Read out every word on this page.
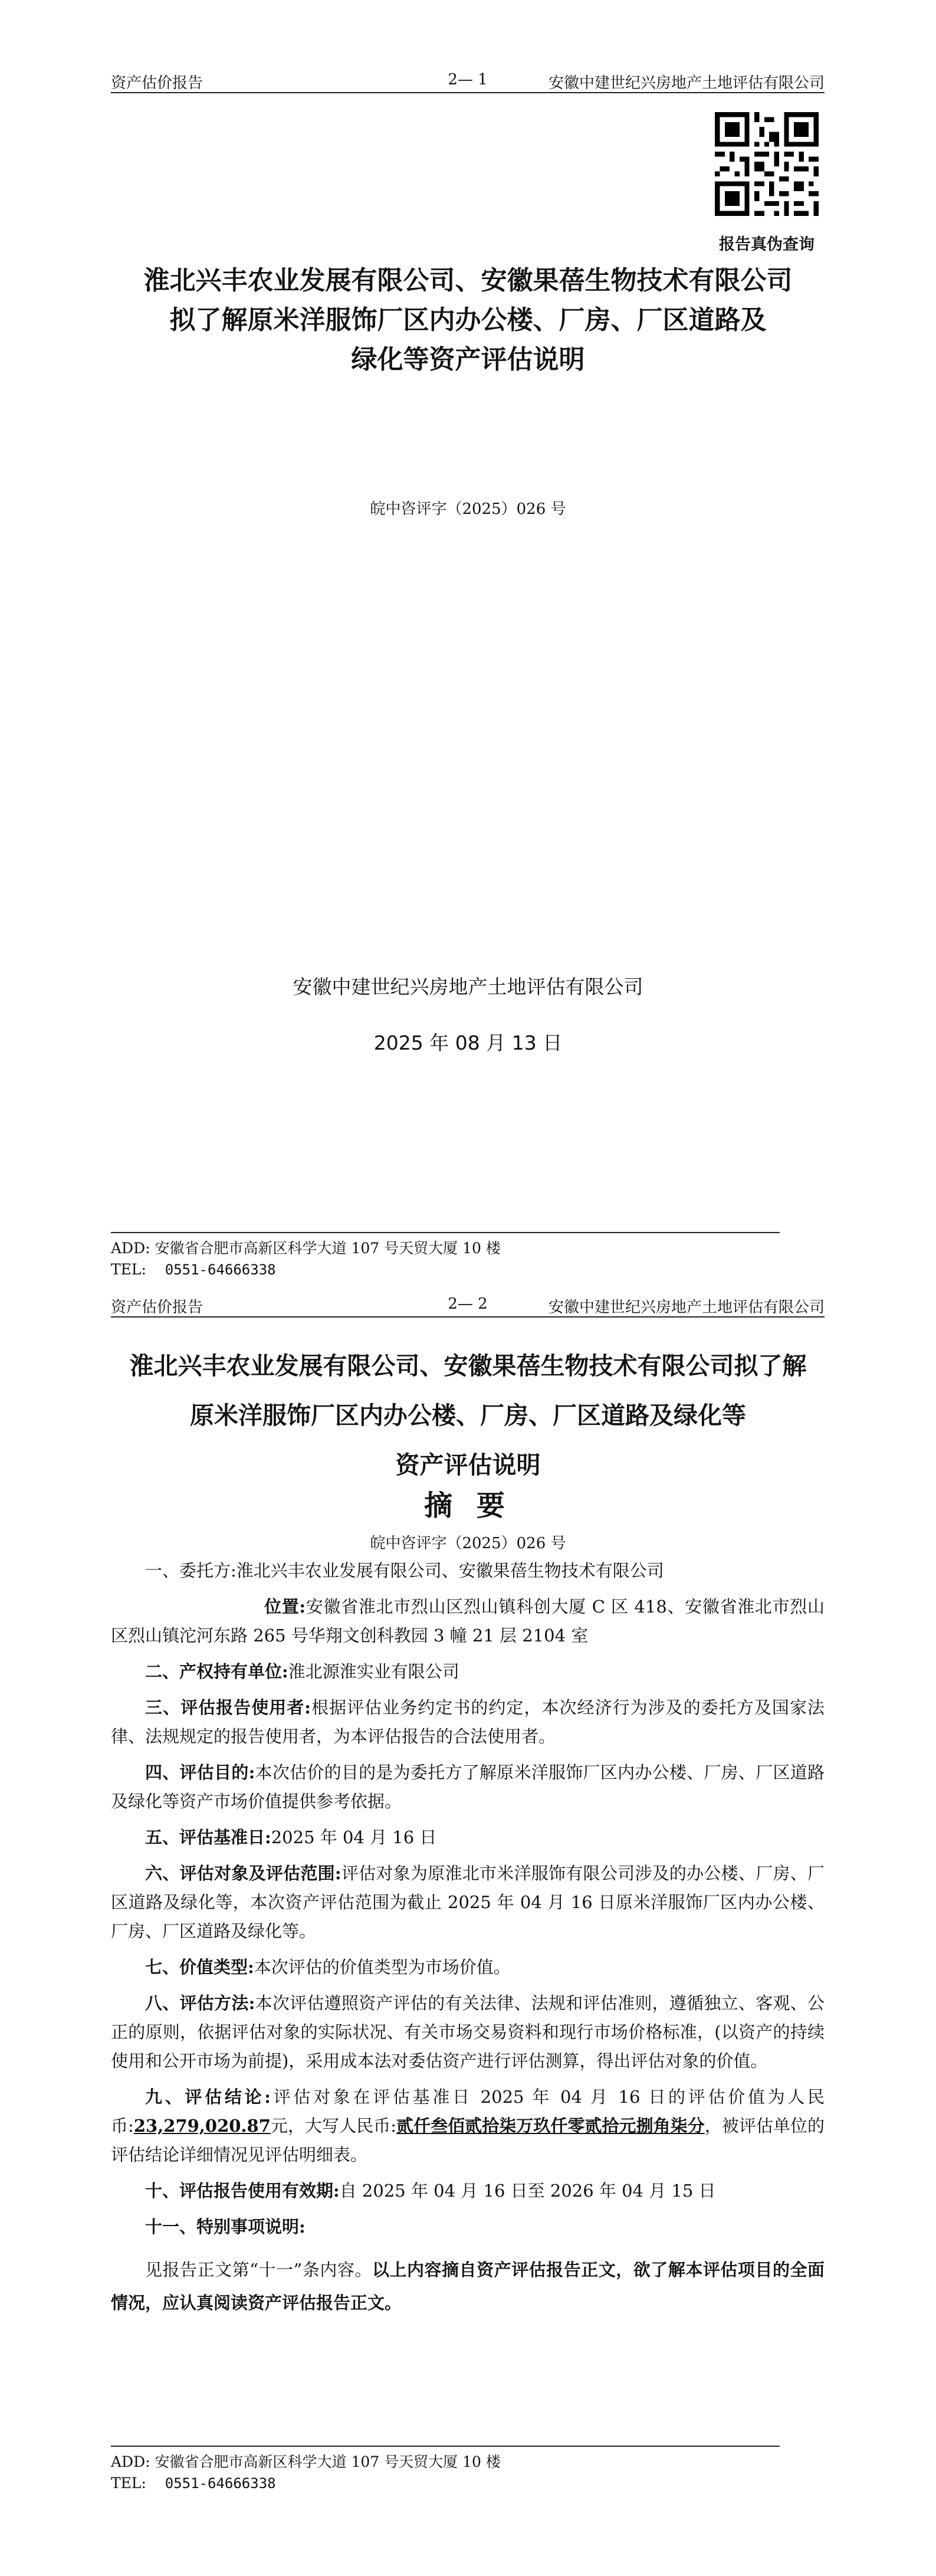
资产估价报告	2— 1	安徽中建世纪兴房地产土地评估有限公司
报告真伪查询
淮北兴丰农业发展有限公司、安徽果蓓生物技术有限公司
拟了解原米洋服饰厂区内办公楼、厂房、厂区道路及
绿化等资产评估说明
皖中咨评字（2025）026 号
安徽中建世纪兴房地产土地评估有限公司
2025 年 08 月 13 日
ADD: 安徽省合肥市高新区科学大道 107 号天贸大厦 10 楼
TEL: 0551-64666338
资产估价报告	2— 2	安徽中建世纪兴房地产土地评估有限公司
淮北兴丰农业发展有限公司、安徽果蓓生物技术有限公司拟了解
原米洋服饰厂区内办公楼、厂房、厂区道路及绿化等
资产评估说明
摘 要
皖中咨评字（2025）026 号

一、委托方:淮北兴丰农业发展有限公司、安徽果蓓生物技术有限公司

位置:安徽省淮北市烈山区烈山镇科创大厦 C 区 418、安徽省淮北市烈山区烈山镇沱河东路 265 号华翔文创科教园 3 幢 21 层 2104 室

二、产权持有单位:淮北源淮实业有限公司

三、评估报告使用者:根据评估业务约定书的约定，本次经济行为涉及的委托方及国家法律、法规规定的报告使用者，为本评估报告的合法使用者。

四、评估目的:本次估价的目的是为委托方了解原米洋服饰厂区内办公楼、厂房、厂区道路及绿化等资产市场价值提供参考依据。

五、评估基准日:2025 年 04 月 16 日

六、评估对象及评估范围:评估对象为原淮北市米洋服饰有限公司涉及的办公楼、厂房、厂区道路及绿化等，本次资产评估范围为截止 2025 年 04 月 16 日原米洋服饰厂区内办公楼、厂房、厂区道路及绿化等。

七、价值类型:本次评估的价值类型为市场价值。

八、评估方法:本次评估遵照资产评估的有关法律、法规和评估准则，遵循独立、客观、公正的原则，依据评估对象的实际状况、有关市场交易资料和现行市场价格标准，(以资产的持续使用和公开市场为前提)，采用成本法对委估资产进行评估测算，得出评估对象的价值。

九、评估结论:评估对象在评估基准日 2025 年 04 月 16 日的评估价值为人民币:23,279,020.87元，大写人民币:贰仟叁佰贰拾柒万玖仟零贰拾元捌角柒分，被评估单位的评估结论详细情况见评估明细表。

十、评估报告使用有效期:自 2025 年 04 月 16 日至 2026 年 04 月 15 日

十一、特别事项说明:

见报告正文第“十一”条内容。以上内容摘自资产评估报告正文，欲了解本评估项目的全面情况，应认真阅读资产评估报告正文。

ADD: 安徽省合肥市高新区科学大道 107 号天贸大厦 10 楼
TEL: 0551-64666338
